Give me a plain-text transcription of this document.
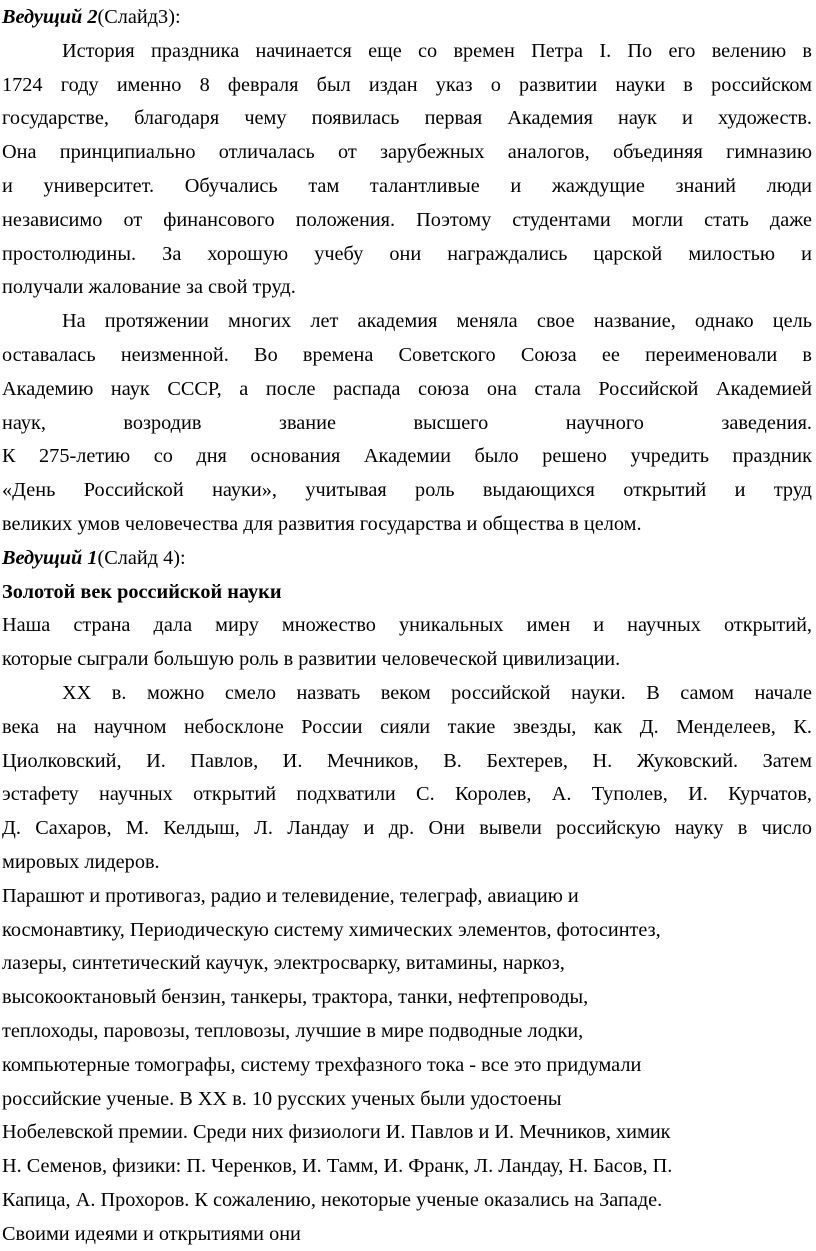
Ведущий 2(Слайд3):

История праздника начинается еще со времен Петра I. По его велению в

1724 году именно 8 февраля был издан указ о развитии науки в российском

государстве, благодаря чему появилась первая Академия наук и художеств.

Она принципиально отличалась от зарубежных аналогов, объединяя гимназию

и университет. Обучались там талантливые и жаждущие знаний люди

независимо от финансового положения. Поэтому студентами могли стать даже

простолюдины. За хорошую учебу они награждались царской милостью и

получали жалование за свой труд.

На протяжении многих лет академия меняла свое название, однако цель

оставалась неизменной. Во времена Советского Союза ее переименовали в

Академию наук СССР, а после распада союза она стала Российской Академией

наук, возродив звание высшего научного заведения.

К 275-летию со дня основания Академии было решено учредить праздник

«День Российской науки», учитывая роль выдающихся открытий и труд

великих умов человечества для развития государства и общества в целом.

Ведущий 1(Слайд 4):

Золотой век российской науки

Наша страна дала миру множество уникальных имен и научных открытий,

которые сыграли большую роль в развитии человеческой цивилизации.

XX в. можно смело назвать веком российской науки. В самом начале

века на научном небосклоне России сияли такие звезды, как Д. Менделеев, К.

Циолковский, И. Павлов, И. Мечников, В. Бехтерев, Н. Жуковский. Затем

эстафету научных открытий подхватили С. Королев, А. Туполев, И. Курчатов,

Д. Сахаров, М. Келдыш, Л. Ландау и др. Они вывели российскую науку в число

мировых лидеров.

Парашют и противогаз, радио и телевидение, телеграф, авиацию и

космонавтику, Периодическую систему химических элементов, фотосинтез,

лазеры, синтетический каучук, электросварку, витамины, наркоз,

высокооктановый бензин, танкеры, трактора, танки, нефтепроводы,

теплоходы, паровозы, тепловозы, лучшие в мире подводные лодки,

компьютерные томографы, систему трехфазного тока - все это придумали

российские ученые. В XX в. 10 русских ученых были удостоены

Нобелевской премии. Среди них физиологи И. Павлов и И. Мечников, химик

Н. Семенов, физики: П. Черенков, И. Тамм, И. Франк, Л. Ландау, Н. Басов, П.

Капица, А. Прохоров. К сожалению, некоторые ученые оказались на Западе.

Своими идеями и открытиями они
